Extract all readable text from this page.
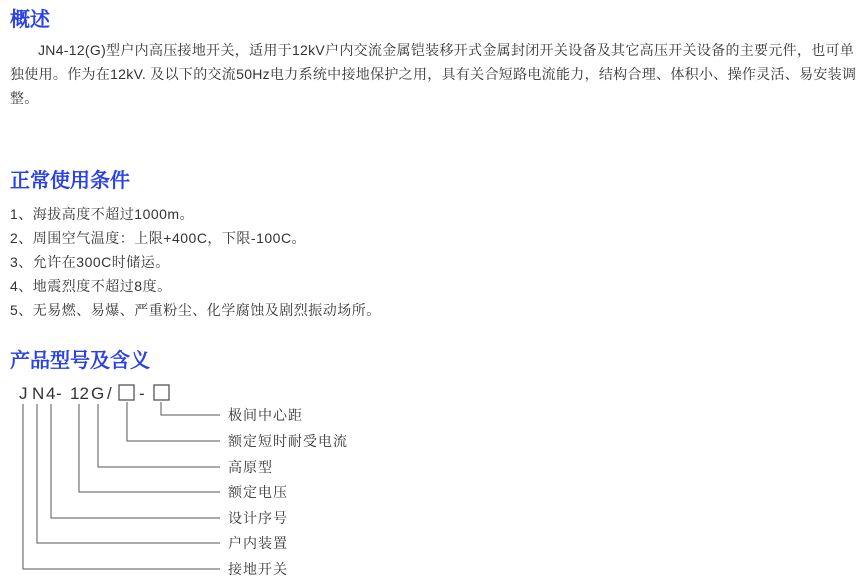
概述

JN4-12(G)型户内高压接地开关，适用于12kV户内交流金属铠装移开式金属封闭开关设备及其它高压开关设备的主要元件，也可单独使用。作为在12kV. 及以下的交流50Hz电力系统中接地保护之用，具有关合短路电流能力，结构合理、体积小、操作灵活、易安装调整。

正常使用条件
1、海拔高度不超过1000m。
2、周围空气温度：上限+400C，下限-100C。
3、允许在300C时储运。
4、地震烈度不超过8度。
5、无易燃、易爆、严重粉尘、化学腐蚀及剧烈振动场所。
产品型号及含义
J N 4 - 12 G / -
极间中心距
额定短时耐受电流
高原型
额定电压
设计序号
户内装置
接地开关
